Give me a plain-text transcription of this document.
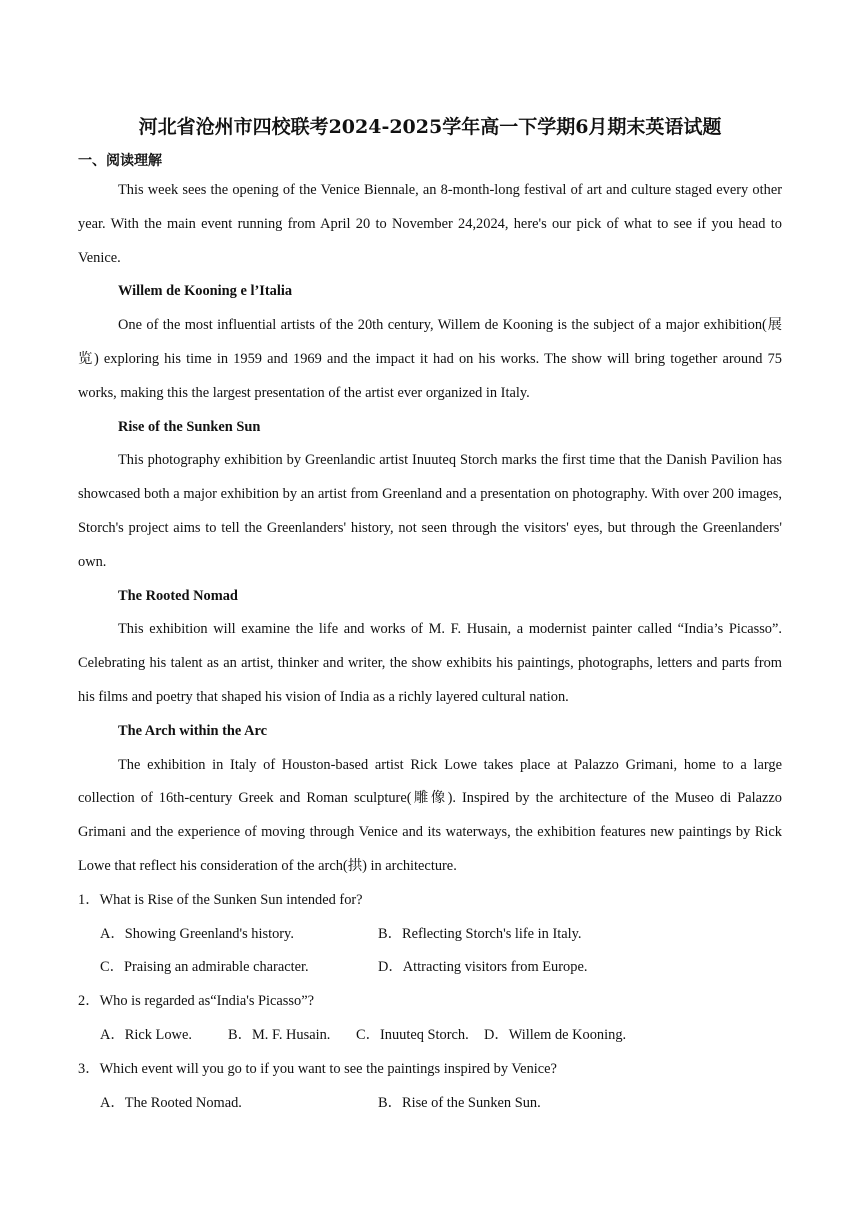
河北省沧州市四校联考2024-2025学年高一下学期6月期末英语试题
一、阅读理解

This week sees the opening of the Venice Biennale, an 8-month-long festival of art and culture staged every other year. With the main event running from April 20 to November 24,2024, here's our pick of what to see if you head to Venice.

Willem de Kooning e l’Italia

One of the most influential artists of the 20th century, Willem de Kooning is the subject of a major exhibition(展览) exploring his time in 1959 and 1969 and the impact it had on his works. The show will bring together around 75 works, making this the largest presentation of the artist ever organized in Italy.

Rise of the Sunken Sun

This photography exhibition by Greenlandic artist Inuuteq Storch marks the first time that the Danish Pavilion has showcased both a major exhibition by an artist from Greenland and a presentation on photography. With over 200 images, Storch's project aims to tell the Greenlanders' history, not seen through the visitors' eyes, but through the Greenlanders' own.

The Rooted Nomad

This exhibition will examine the life and works of M. F. Husain, a modernist painter called “India’s Picasso”. Celebrating his talent as an artist, thinker and writer, the show exhibits his paintings, photographs, letters and parts from his films and poetry that shaped his vision of India as a richly layered cultural nation.

The Arch within the Arc

The exhibition in Italy of Houston-based artist Rick Lowe takes place at Palazzo Grimani, home to a large collection of 16th-century Greek and Roman sculpture(雕像). Inspired by the architecture of the Museo di Palazzo Grimani and the experience of moving through Venice and its waterways, the exhibition features new paintings by Rick Lowe that reflect his consideration of the arch(拱) in architecture.

1．What is Rise of the Sunken Sun intended for?

A．Showing Greenland's history.	B．Reflecting Storch's life in Italy.
C．Praising an admirable character.	D．Attracting visitors from Europe.

2．Who is regarded as“India's Picasso”?

A．Rick Lowe.	B．M. F. Husain.	C．Inuuteq Storch.	D．Willem de Kooning.

3．Which event will you go to if you want to see the paintings inspired by Venice?

A．The Rooted Nomad.	B．Rise of the Sunken Sun.
